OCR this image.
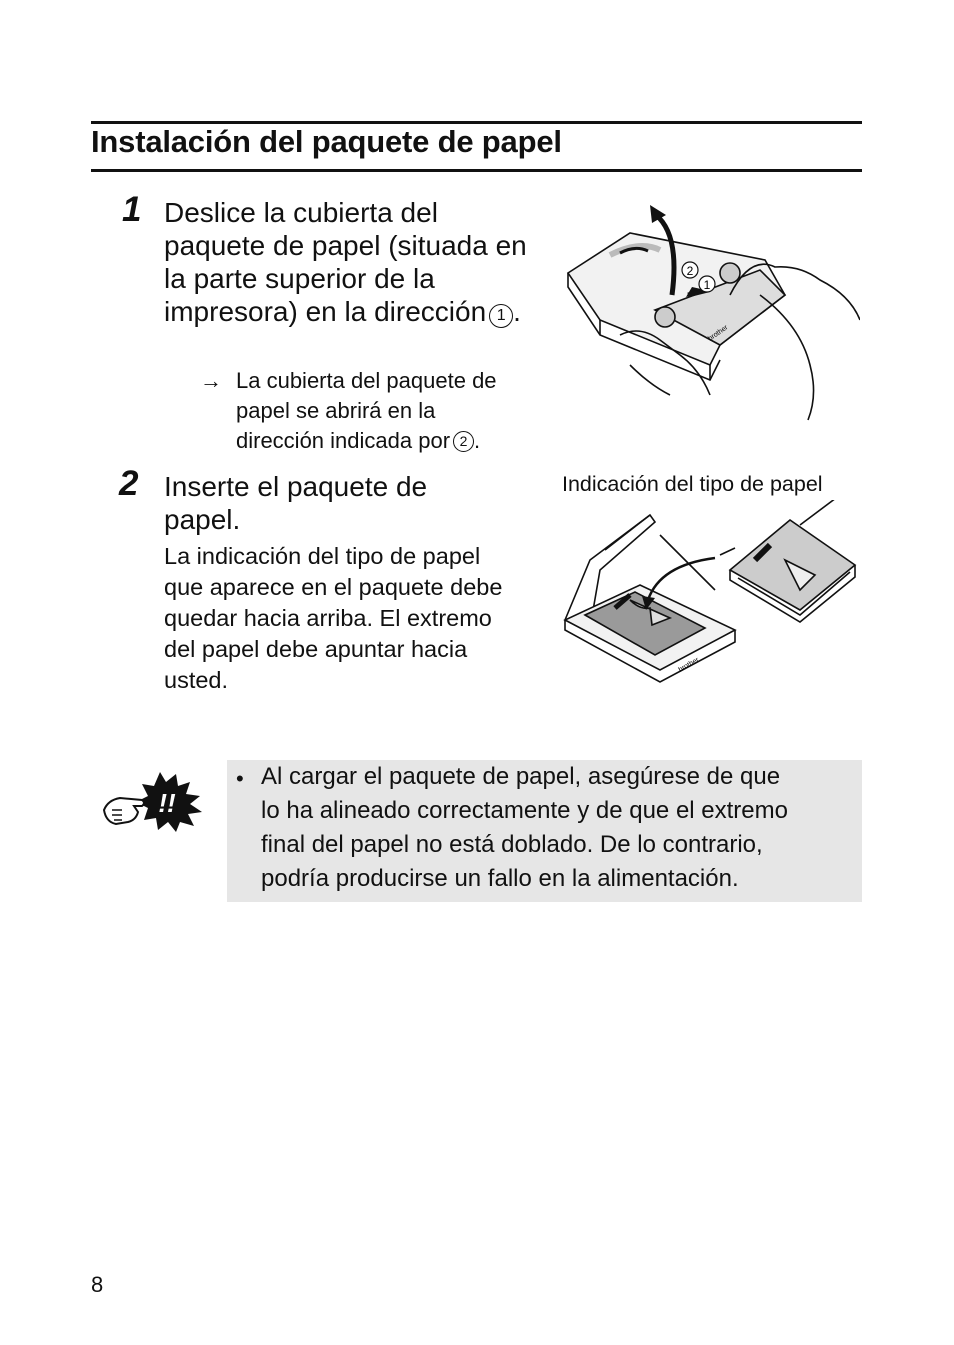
Instalación del paquete de papel
1 Deslice la cubierta del
paquete de papel (situada en
la parte superior de la
impresora) en la dirección 1 .
→ La cubierta del paquete de
papel se abrirá en la
dirección indicada por 2 .
2
1
brother
2 Inserte el paquete de
papel.
La indicación del tipo de papel
que aparece en el paquete debe
quedar hacia arriba. El extremo
del papel debe apuntar hacia
usted.
Indicación del tipo de papel
brother
!!
• Al cargar el paquete de papel, asegúrese de que
lo ha alineado correctamente y de que el extremo
final del papel no está doblado. De lo contrario,
podría producirse un fallo en la alimentación.
8
